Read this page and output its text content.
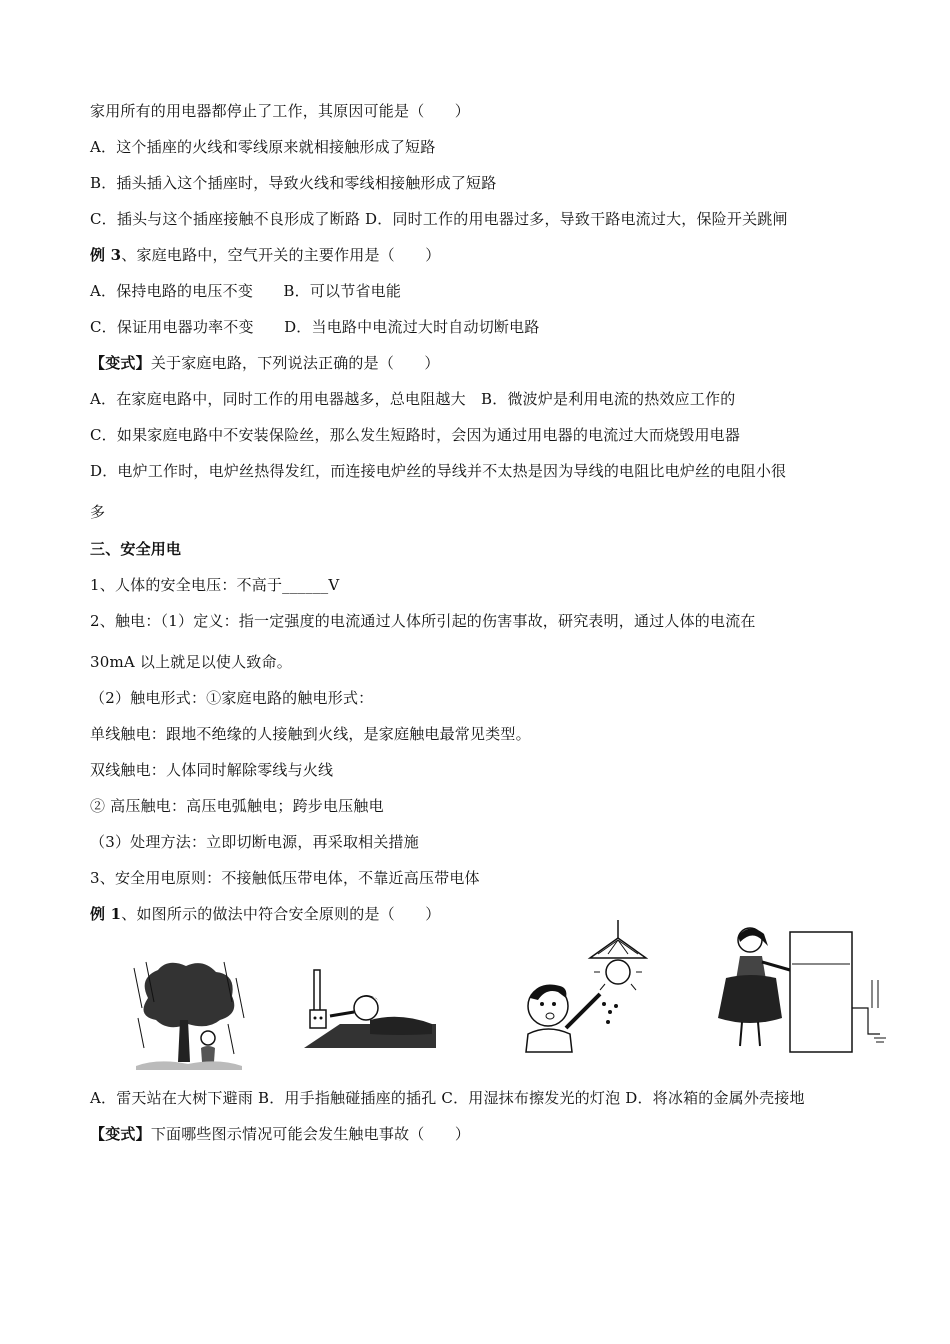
家用所有的用电器都停止了工作，其原因可能是（　　）
A．这个插座的火线和零线原来就相接触形成了短路
B．插头插入这个插座时，导致火线和零线相接触形成了短路
C．插头与这个插座接触不良形成了断路 D．同时工作的用电器过多，导致干路电流过大，保险开关跳闸
例 3、家庭电路中，空气开关的主要作用是（　　）
A．保持电路的电压不变　　B．可以节省电能
C．保证用电器功率不变　　D．当电路中电流过大时自动切断电路
【变式】关于家庭电路，下列说法正确的是（　　）
A．在家庭电路中，同时工作的用电器越多，总电阻越大　B．微波炉是利用电流的热效应工作的
C．如果家庭电路中不安装保险丝，那么发生短路时，会因为通过用电器的电流过大而烧毁用电器
D．电炉工作时，电炉丝热得发红，而连接电炉丝的导线并不太热是因为导线的电阻比电炉丝的电阻小很
多
三、安全用电
1、人体的安全电压：不高于______V
2、触电：（1）定义：指一定强度的电流通过人体所引起的伤害事故，研究表明，通过人体的电流在
30mA 以上就足以使人致命。
（2）触电形式：①家庭电路的触电形式：
单线触电：跟地不绝缘的人接触到火线，是家庭触电最常见类型。
双线触电：人体同时解除零线与火线
② 高压触电：高压电弧触电；跨步电压触电
（3）处理方法：立即切断电源，再采取相关措施
3、安全用电原则：不接触低压带电体，不靠近高压带电体
例 1、如图所示的做法中符合安全原则的是（　　）
A．雷天站在大树下避雨 B．用手指触碰插座的插孔 C．用湿抹布擦发光的灯泡 D．将冰箱的金属外壳接地
【变式】下面哪些图示情况可能会发生触电事故（　　）
